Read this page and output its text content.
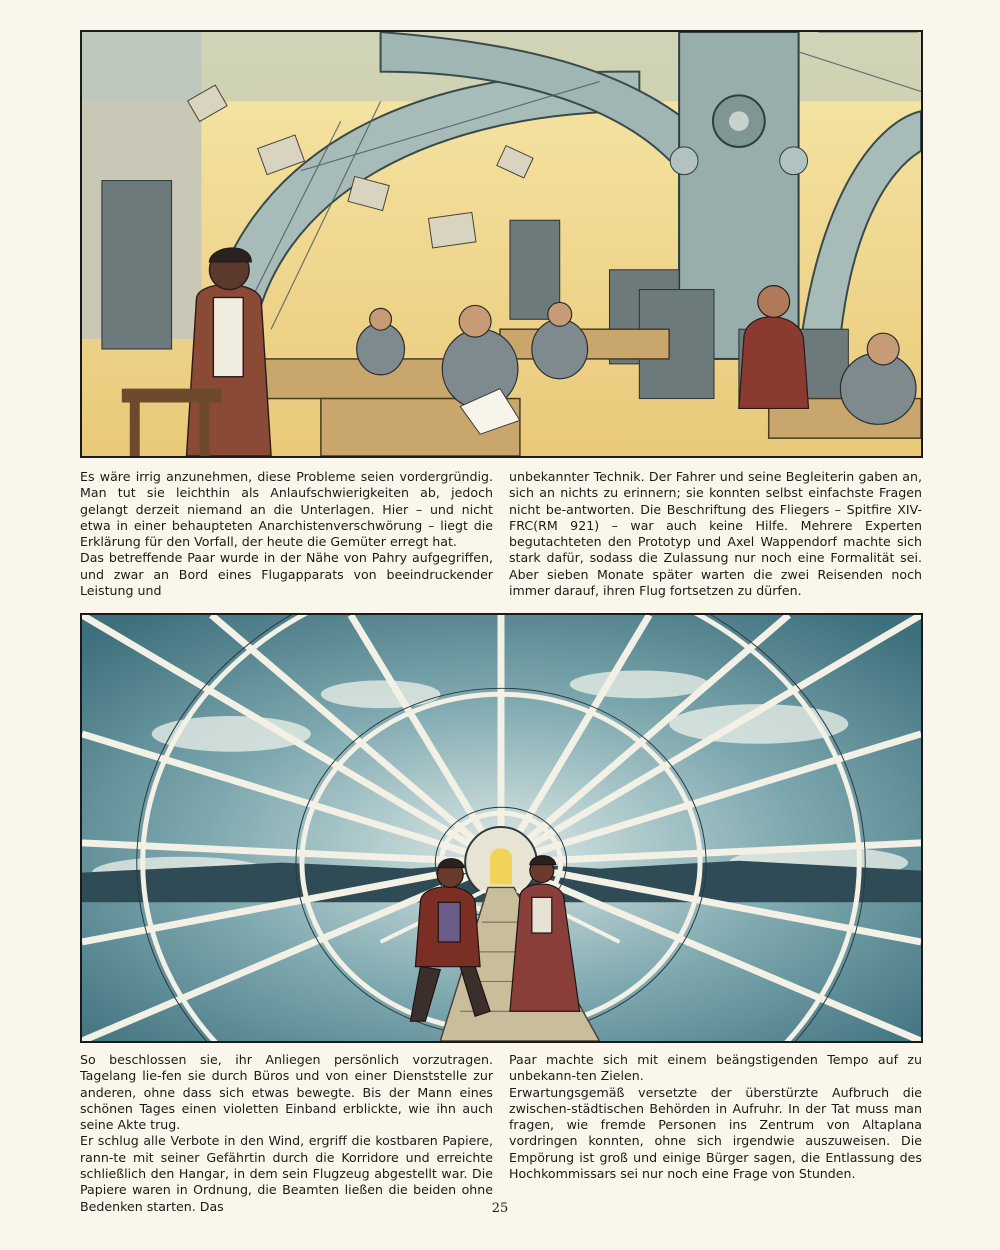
Es wäre irrig anzunehmen, diese Probleme seien vordergründig. Man tut sie leichthin als Anlaufschwierigkeiten ab, jedoch gelangt derzeit niemand an die Unterlagen. Hier – und nicht etwa in einer behaupteten Anarchistenverschwörung – liegt die Erklärung für den Vorfall, der heute die Gemüter erregt hat.

Das betreffende Paar wurde in der Nähe von Pahry aufgegriffen, und zwar an Bord eines Flugapparats von beeindruckender Leistung und

unbekannter Technik. Der Fahrer und seine Begleiterin gaben an, sich an nichts zu erinnern; sie konnten selbst einfachste Fragen nicht be-antworten. Die Beschriftung des Fliegers – Spitfire XIV-FRC(RM 921) – war auch keine Hilfe. Mehrere Experten begutachteten den Prototyp und Axel Wappendorf machte sich stark dafür, sodass die Zulassung nur noch eine Formalität sei. Aber sieben Monate später warten die zwei Reisenden noch immer darauf, ihren Flug fortsetzen zu dürfen.

So beschlossen sie, ihr Anliegen persönlich vorzutragen. Tagelang lie-fen sie durch Büros und von einer Dienststelle zur anderen, ohne dass sich etwas bewegte. Bis der Mann eines schönen Tages einen violetten Einband erblickte, wie ihn auch seine Akte trug.

Er schlug alle Verbote in den Wind, ergriff die kostbaren Papiere, rann-te mit seiner Gefährtin durch die Korridore und erreichte schließlich den Hangar, in dem sein Flugzeug abgestellt war. Die Papiere waren in Ordnung, die Beamten ließen die beiden ohne Bedenken starten. Das

Paar machte sich mit einem beängstigenden Tempo auf zu unbekann-ten Zielen.

Erwartungsgemäß versetzte der überstürzte Aufbruch die zwischen-städtischen Behörden in Aufruhr. In der Tat muss man fragen, wie fremde Personen ins Zentrum von Altaplana vordringen konnten, ohne sich irgendwie auszuweisen. Die Empörung ist groß und einige Bürger sagen, die Entlassung des Hochkommissars sei nur noch eine Frage von Stunden.

25
